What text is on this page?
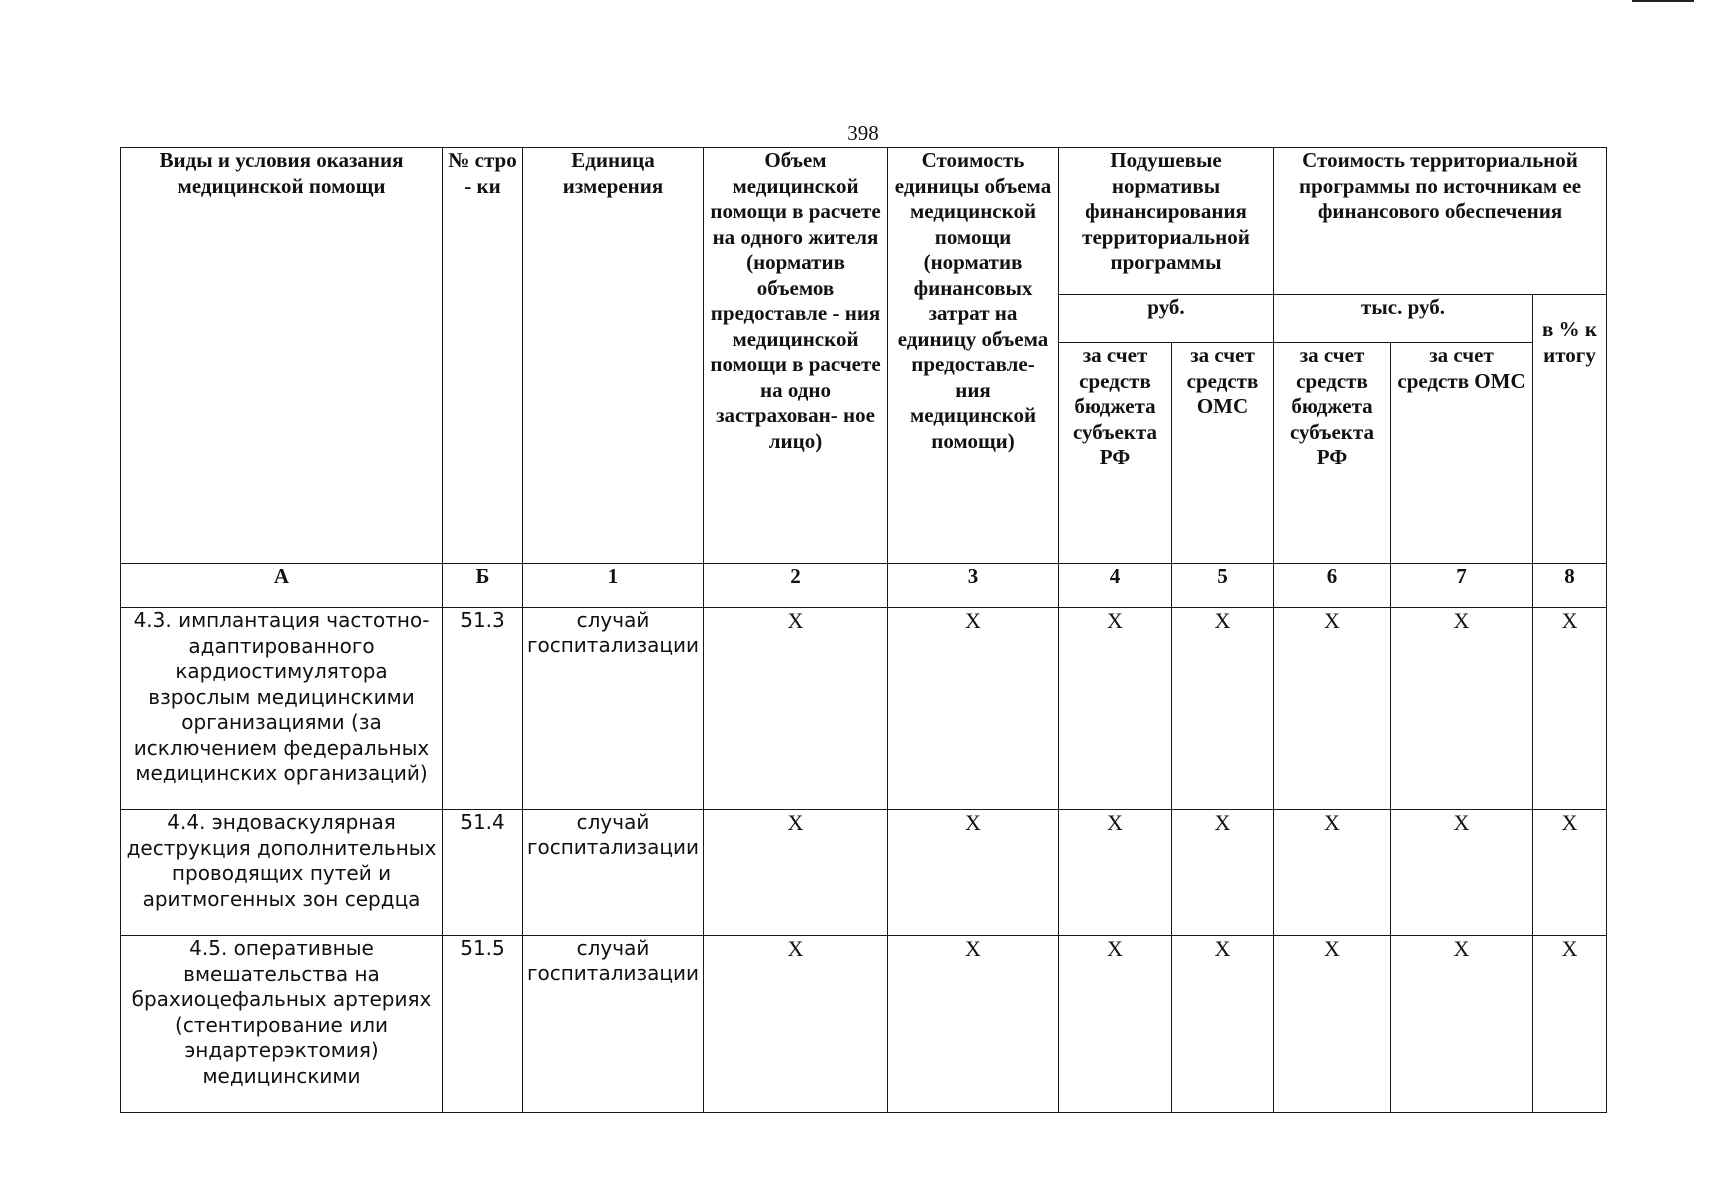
398
Виды и условия оказания медицинской помощи	№ стро - ки	Единица измерения	Объем медицинской помощи в расчете на одного жителя (норматив объемов предоставле - ния медицинской помощи в расчете на одно застрахован- ное лицо)	Стоимость единицы объема медицинской помощи (норматив финансовых затрат на единицу объема предоставле- ния медицинской помощи)	Подушевые нормативы финансирования территориальной программы		Стоимость территориальной программы по источникам ее финансового обеспечения		
					руб.		тыс. руб.		в % к итогу
					за счет средств бюджета субъекта РФ	за счет средств ОМС	за счет средств бюджета субъекта РФ	за счет средств ОМС	
А	Б	1	2	3	4	5	6	7	8
4.3. имплантация частотно-адаптированного кардиостимулятора взрослым медицинскими организациями (за исключением федеральных медицинских организаций)	51.3	случай госпитализации	X	X	X	X	X	X	X
4.4. эндоваскулярная деструкция дополнительных проводящих путей и аритмогенных зон сердца	51.4	случай госпитализации	X	X	X	X	X	X	X
4.5. оперативные вмешательства на брахиоцефальных артериях (стентирование или эндартерэктомия) медицинскими	51.5	случай госпитализации	X	X	X	X	X	X	X
